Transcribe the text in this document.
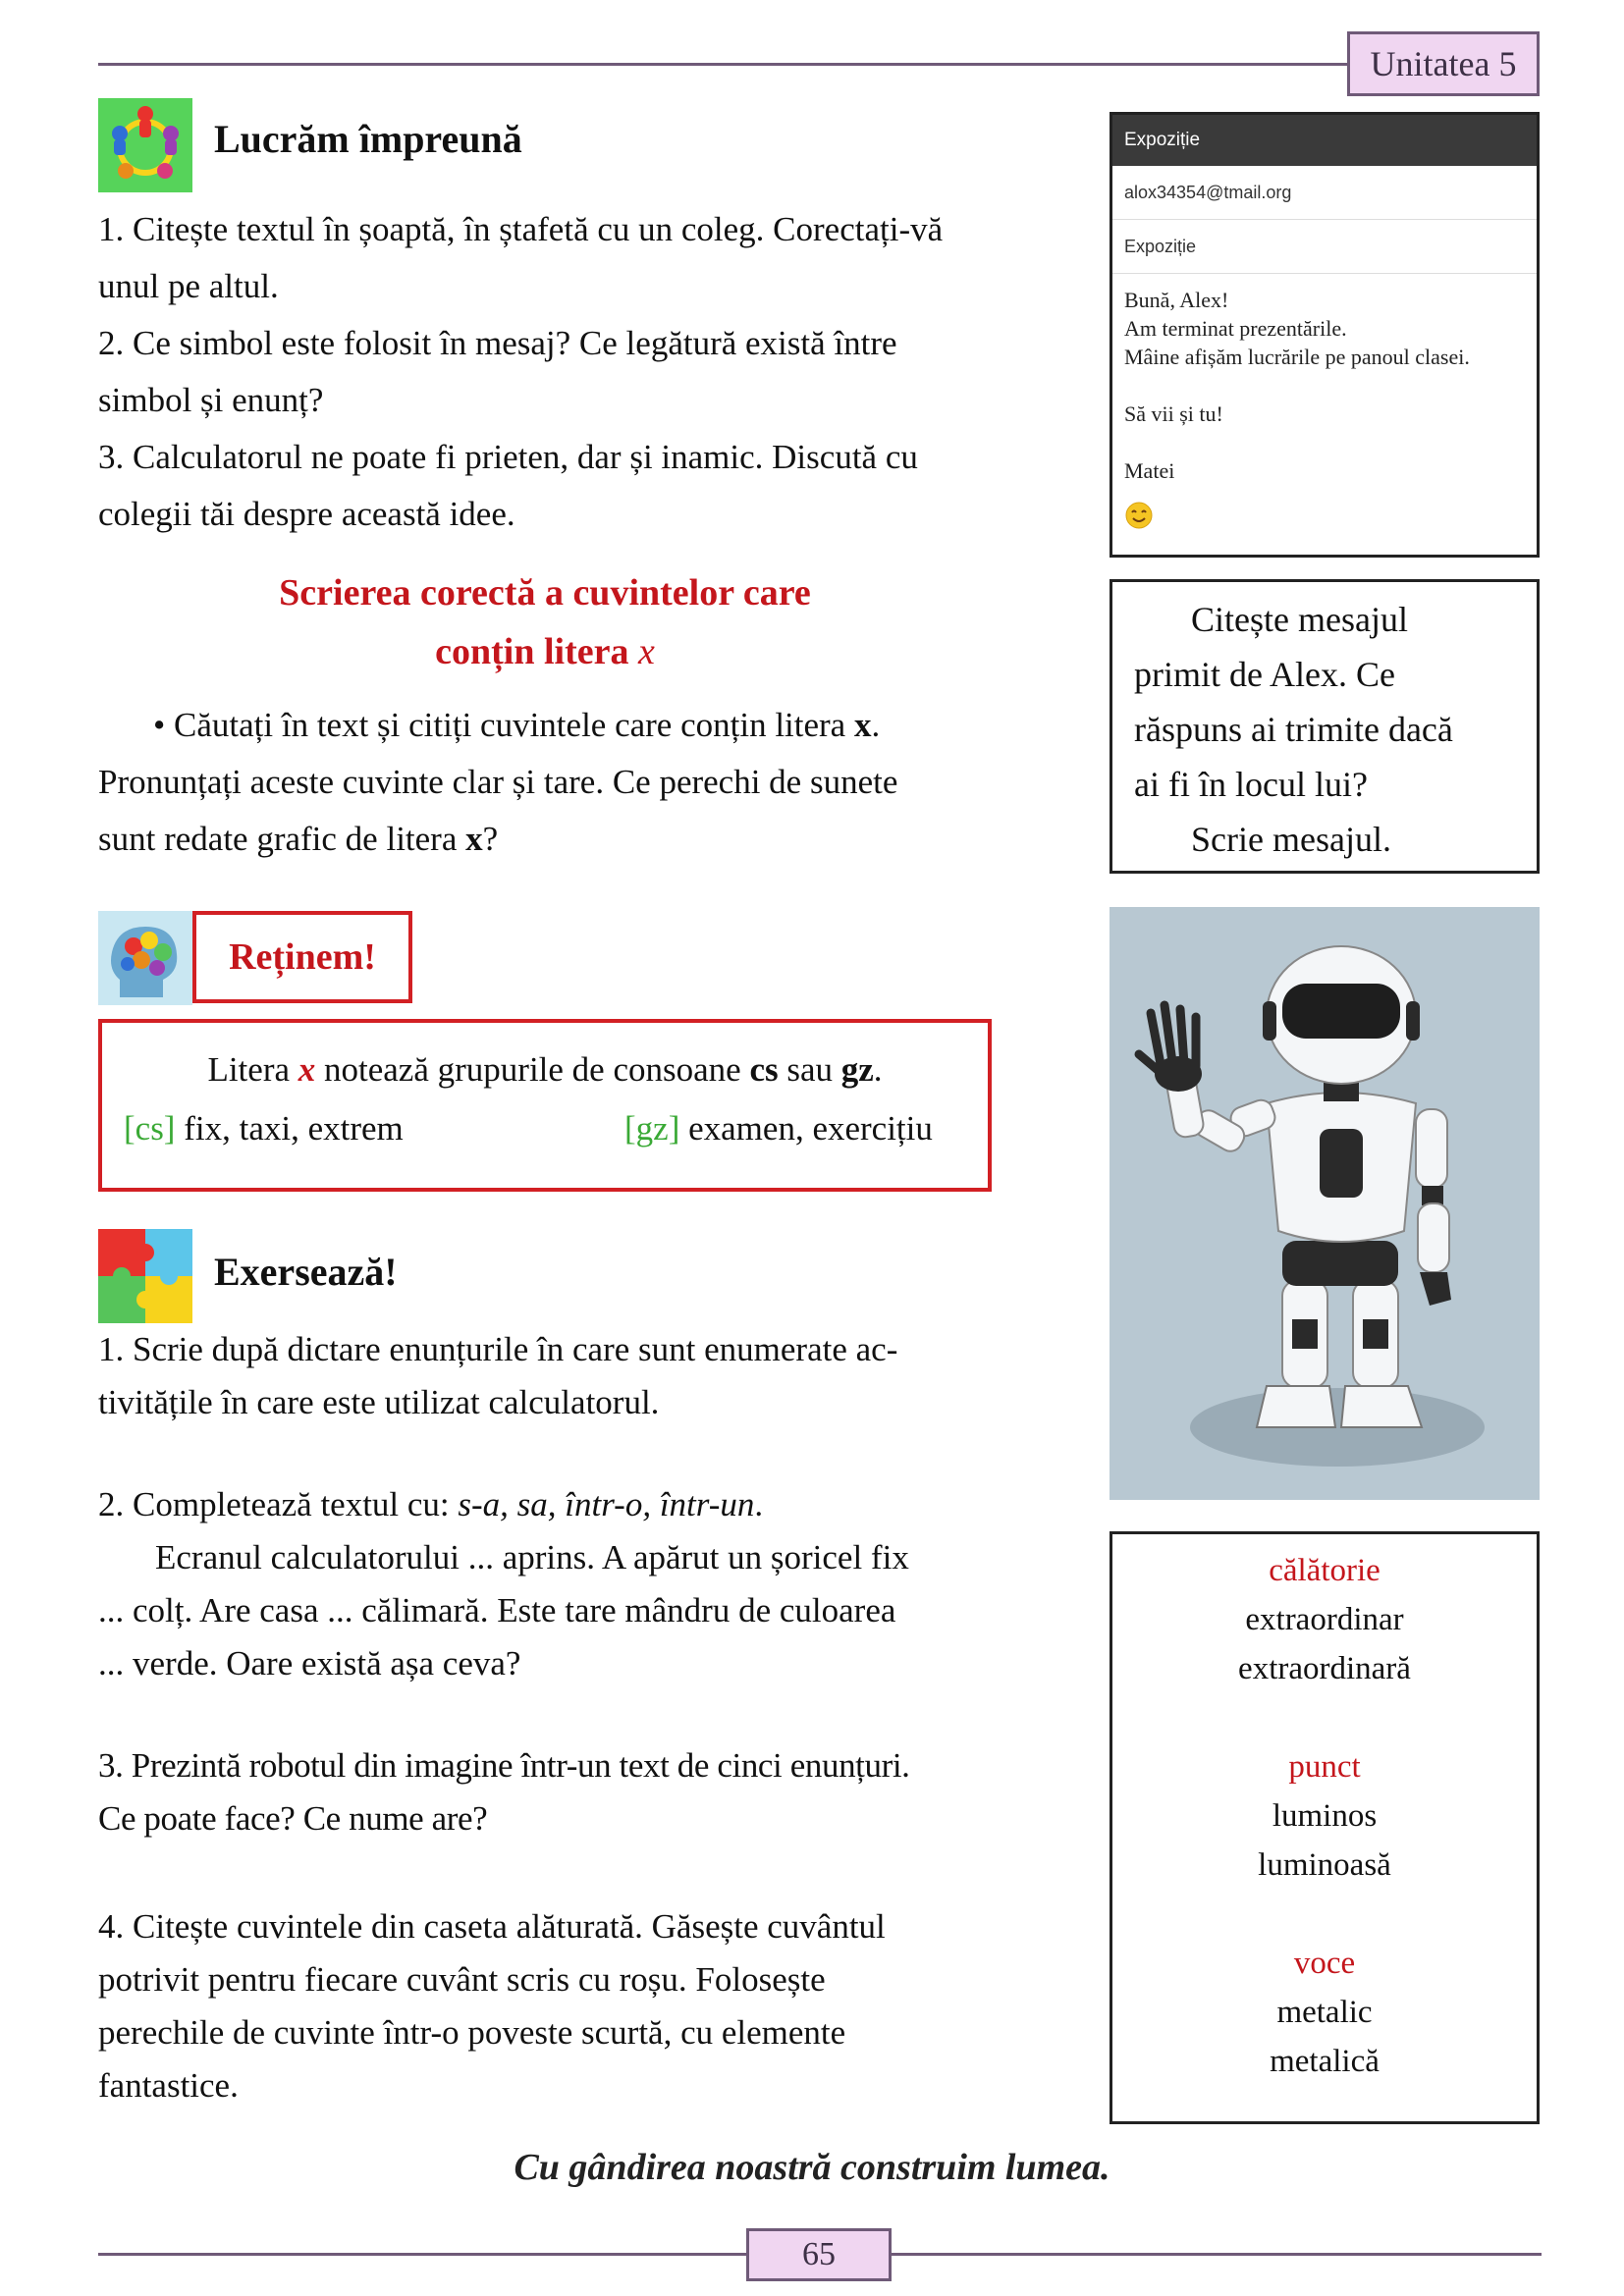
Unitatea 5
Lucrăm împreună
1. Citește textul în șoaptă, în ștafetă cu un coleg. Corectați-vă
unul pe altul.
2. Ce simbol este folosit în mesaj? Ce legătură există între
simbol și enunț?
3. Calculatorul ne poate fi prieten, dar și inamic. Discută cu
colegii tăi despre această idee.
Scrierea corectă a cuvintelor care
conțin litera x
• Căutați în text și citiți cuvintele care conțin litera x.
Pronunțați aceste cuvinte clar și tare. Ce perechi de sunete
sunt redate grafic de litera x?
Reținem!
Litera x notează grupurile de consoane cs sau gz.
[cs] fix, taxi, extrem	[gz] examen, exercițiu
Exersează!
1. Scrie după dictare enunțurile în care sunt enumerate ac-
tivitățile în care este utilizat calculatorul.
2. Completează textul cu: s-a, sa, într-o, într-un.
Ecranul calculatorului ... aprins. A apărut un șoricel fix
... colț. Are casa ... călimară. Este tare mândru de culoarea
... verde. Oare există așa ceva?
3. Prezintă robotul din imagine într-un text de cinci enunțuri.
Ce poate face? Ce nume are?
4. Citește cuvintele din caseta alăturată. Găsește cuvântul
potrivit pentru fiecare cuvânt scris cu roșu. Folosește
perechile de cuvinte într-o poveste scurtă, cu elemente
fantastice.
Expoziție
alox34354@tmail.org
Expoziție
Bună, Alex!
Am terminat prezentările.
Mâine afișăm lucrările pe panoul clasei.
Să vii și tu!
Matei
Citește mesajul
primit de Alex. Ce
răspuns ai trimite dacă
ai fi în locul lui?
Scrie mesajul.
călătorie
extraordinar
extraordinară
punct
luminos
luminoasă
voce
metalic
metalică
Cu gândirea noastră construim lumea.
65
